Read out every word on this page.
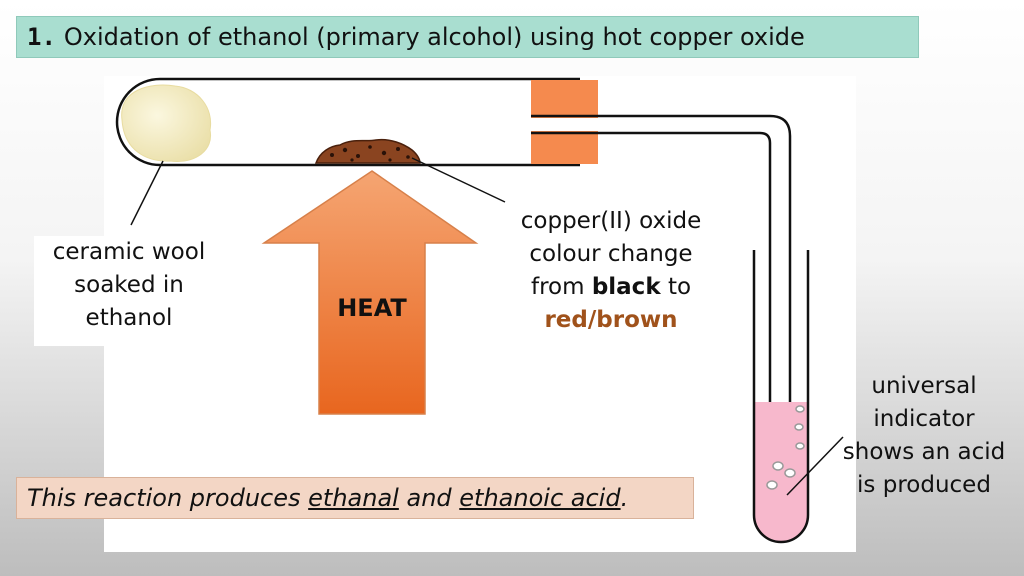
1. Oxidation of ethanol (primary alcohol) using hot copper oxide
ceramic wool
soaked in
ethanol	HEAT
copper(II) oxide
colour change
from black to
red/brown
universal
indicator
shows an acid
is produced
This reaction produces ethanal and ethanoic acid.
